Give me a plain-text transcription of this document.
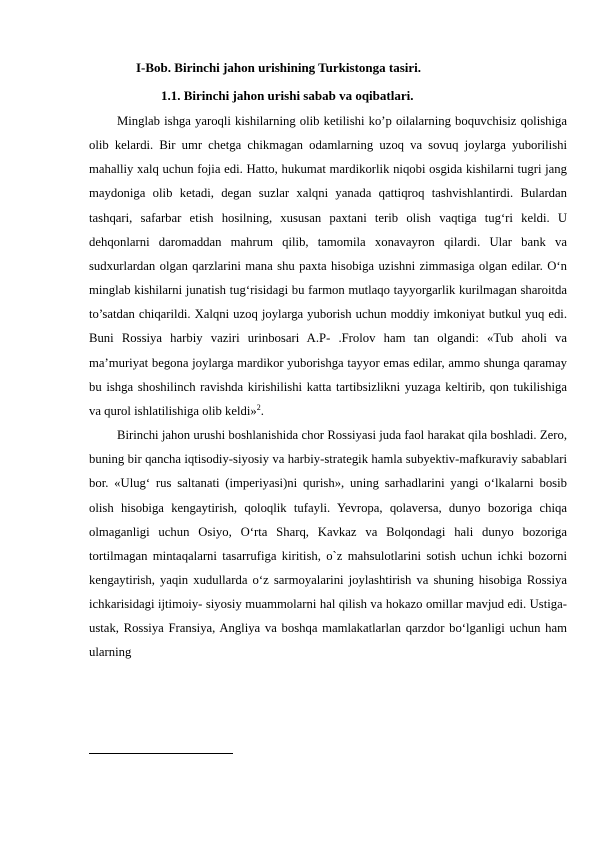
I-Bob. Birinchi jahon urishining Turkistonga tasiri.
1.1. Birinchi jahon urishi sabab va oqibatlari.

Minglab ishga yaroqli kishilarning olib ketilishi ko’p oilalarning boquvchisiz qolishiga olib kelardi. Bir umr chetga chikmagan odamlarning uzoq va sovuq joylarga yuborilishi mahalliy xalq uchun fojia edi. Hatto, hukumat mardikorlik niqobi osgida kishilarni tugri jang maydoniga olib ketadi, degan suzlar xalqni yanada qattiqroq tashvishlantirdi. Bulardan tashqari, safarbar etish hosilning, xususan paxtani terib olish vaqtiga tug‘ri keldi. U dehqonlarni daromaddan mahrum qilib, tamomila xonavayron qilardi. Ular bank va sudxurlardan olgan qarzlarini mana shu paxta hisobiga uzishni zimmasiga olgan edilar. O‘n minglab kishilarni junatish tug‘risidagi bu farmon mutlaqo tayyorgarlik kurilmagan sharoitda to’satdan chiqarildi. Xalqni uzoq joylarga yuborish uchun moddiy imkoniyat butkul yuq edi. Buni Rossiya harbiy vaziri urinbosari A.P- .Frolov ham tan olgandi: «Tub aholi va ma’muriyat begona joylarga mardikor yuborishga tayyor emas edilar, ammo shunga qaramay bu ishga shoshilinch ravishda kirishilishi katta tartibsizlikni yuzaga keltirib, qon tukilishiga va qurol ishlatilishiga olib keldi»$^2$.

Birinchi jahon urushi boshlanishida chor Rossiyasi juda faol harakat qila boshladi. Zero, buning bir qancha iqtisodiy-siyosiy va harbiy-strategik hamla subyektiv-mafkuraviy sabablari bor. «Ulug‘ rus saltanati (imperiyasi)ni qurish», uning sarhadlarini yangi o‘lkalarni bosib olish hisobiga kengaytirish, qoloqlik tufayli. Yevropa, qolaversa, dunyo bozoriga chiqa olmaganligi uchun Osiyo, O‘rta Sharq, Kavkaz va Bolqondagi hali dunyo bozoriga tortilmagan mintaqalarni tasarrufiga kiritish, o`z mahsulotlarini sotish uchun ichki bozorni kengaytirish, yaqin xudullarda o‘z sarmoyalarini joylashtirish va shuning hisobiga Rossiya ichkarisidagi ijtimoiy- siyosiy muammolarni hal qilish va hokazo omillar mavjud edi. Ustiga-ustak, Rossiya Fransiya, Angliya va boshqa mamlakatlarlan qarzdor bo‘lganligi uchun ham ularning
